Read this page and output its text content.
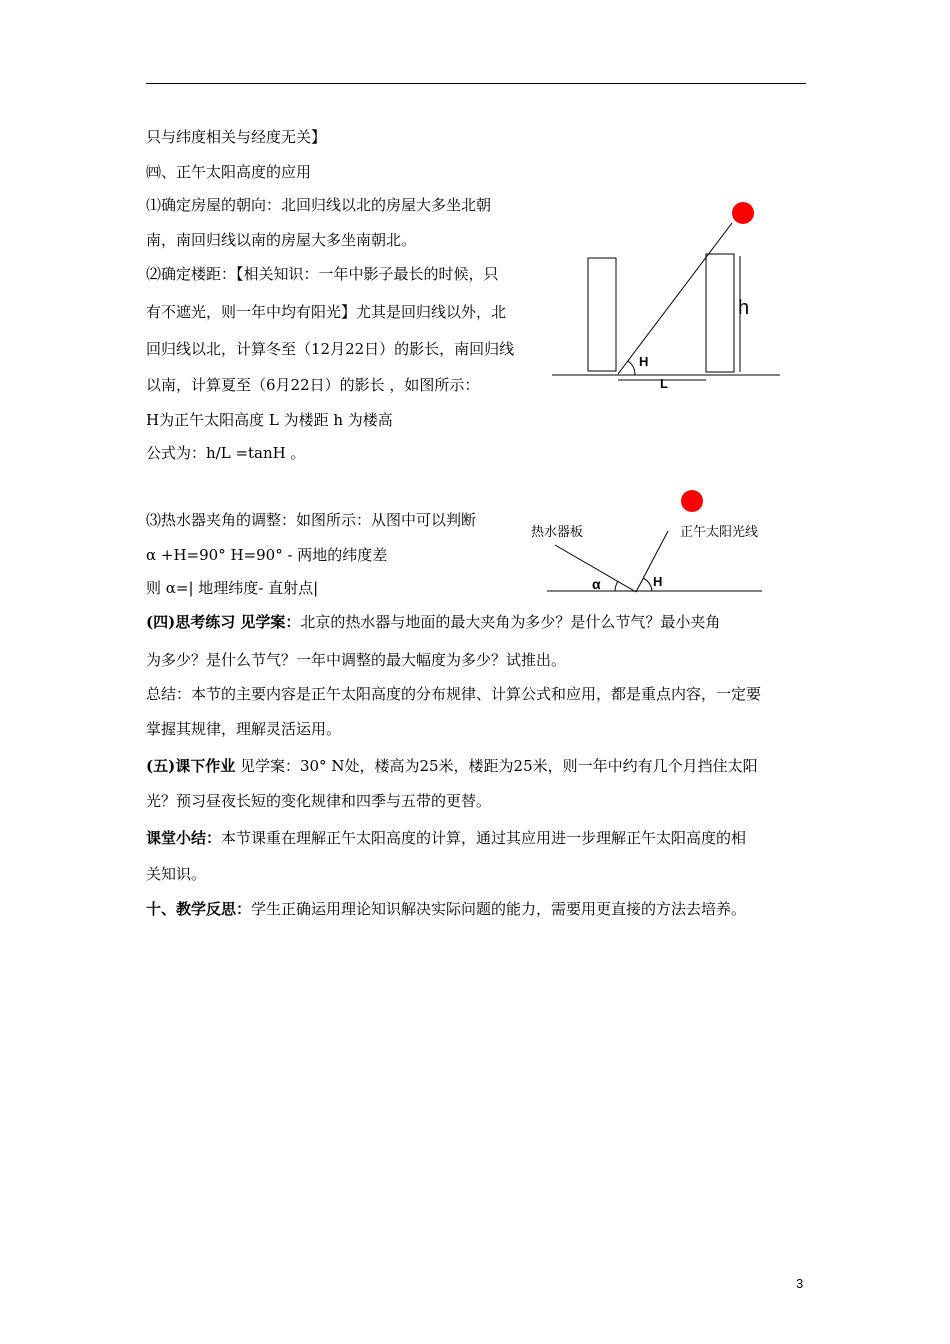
只与纬度相关与经度无关】
㈣、正午太阳高度的应用
⑴确定房屋的朝向：北回归线以北的房屋大多坐北朝
南，南回归线以南的房屋大多坐南朝北。
⑵确定楼距：【相关知识：一年中影子最长的时候，只
有不遮光，则一年中均有阳光】尤其是回归线以外，北
回归线以北，计算冬至（12月22日）的影长，南回归线
以南，计算夏至（6月22日）的影长 ，如图所示：
H为正午太阳高度 L 为楼距 h 为楼高
公式为：h/L =tanH 。
⑶热水器夹角的调整：如图所示：从图中可以判断
α +H=90° H=90° - 两地的纬度差
则 α=| 地理纬度- 直射点|
(四)思考练习 见学案：北京的热水器与地面的最大夹角为多少？是什么节气？最小夹角
为多少？是什么节气？一年中调整的最大幅度为多少？试推出。
总结：本节的主要内容是正午太阳高度的分布规律、计算公式和应用，都是重点内容，一定要
掌握其规律，理解灵活运用。
(五)课下作业 见学案：30° N处，楼高为25米，楼距为25米，则一年中约有几个月挡住太阳
光？预习昼夜长短的变化规律和四季与五带的更替。
课堂小结：本节课重在理解正午太阳高度的计算，通过其应用进一步理解正午太阳高度的相
关知识。
十、教学反思：学生正确运用理论知识解决实际问题的能力，需要用更直接的方法去培养。
h
H
L
热水器板	正午太阳光线
α	H
3
